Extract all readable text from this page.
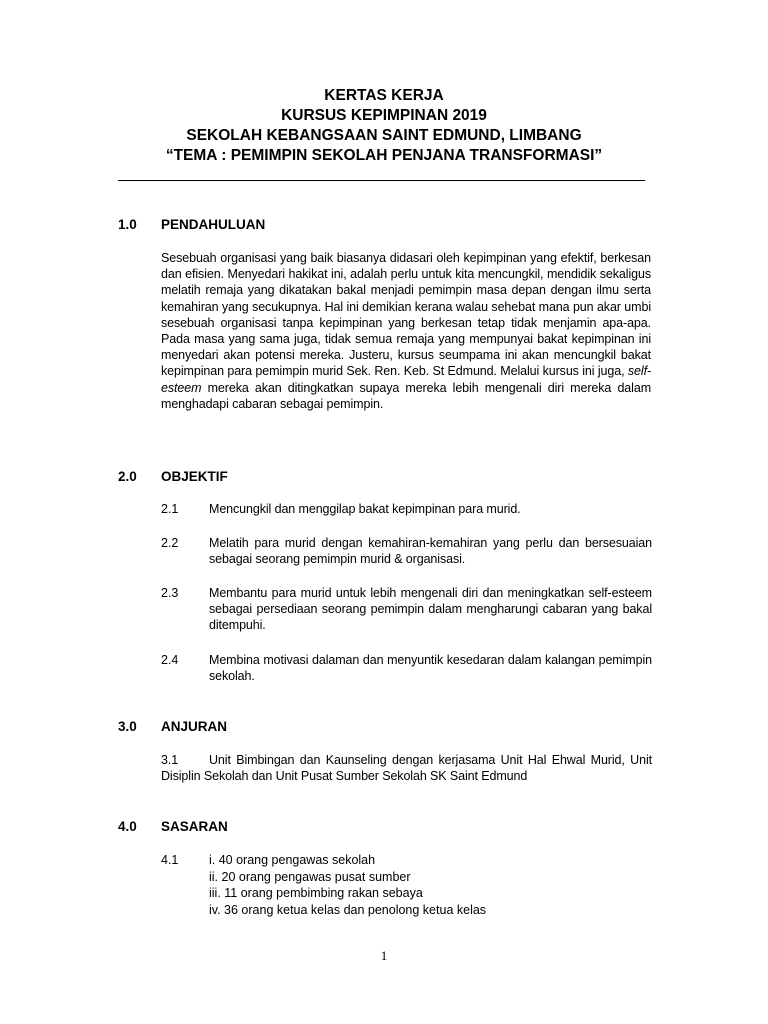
KERTAS KERJA
KURSUS KEPIMPINAN 2019
SEKOLAH KEBANGSAAN SAINT EDMUND, LIMBANG
“TEMA : PEMIMPIN SEKOLAH PENJANA TRANSFORMASI”
1.0 PENDAHULUAN
Sesebuah organisasi yang baik biasanya didasari oleh kepimpinan yang efektif, berkesan dan efisien. Menyedari hakikat ini, adalah perlu untuk kita mencungkil, mendidik sekaligus melatih remaja yang dikatakan bakal menjadi pemimpin masa depan dengan ilmu serta kemahiran yang secukupnya. Hal ini demikian kerana walau sehebat mana pun akar umbi sesebuah organisasi tanpa kepimpinan yang berkesan tetap tidak menjamin apa-apa. Pada masa yang sama juga, tidak semua remaja yang mempunyai bakat kepimpinan ini menyedari akan potensi mereka. Justeru, kursus seumpama ini akan mencungkil bakat kepimpinan para pemimpin murid Sek. Ren. Keb. St Edmund. Melalui kursus ini juga, self-esteem mereka akan ditingkatkan supaya mereka lebih mengenali diri mereka dalam menghadapi cabaran sebagai pemimpin.
2.0 OBJEKTIF
2.1 Mencungkil dan menggilap bakat kepimpinan para murid.
2.2 Melatih para murid dengan kemahiran-kemahiran yang perlu dan bersesuaian sebagai seorang pemimpin murid & organisasi.
2.3 Membantu para murid untuk lebih mengenali diri dan meningkatkan self-esteem sebagai persediaan seorang pemimpin dalam mengharungi cabaran yang bakal ditempuhi.
2.4 Membina motivasi dalaman dan menyuntik kesedaran dalam kalangan pemimpin sekolah.
3.0 ANJURAN
3.1 Unit Bimbingan dan Kaunseling dengan kerjasama Unit Hal Ehwal Murid, Unit Disiplin Sekolah dan Unit Pusat Sumber Sekolah SK Saint Edmund
4.0 SASARAN
4.1 i. 40 orang pengawas sekolah
ii. 20 orang pengawas pusat sumber
iii. 11 orang pembimbing rakan sebaya
iv. 36 orang ketua kelas dan penolong ketua kelas
1
